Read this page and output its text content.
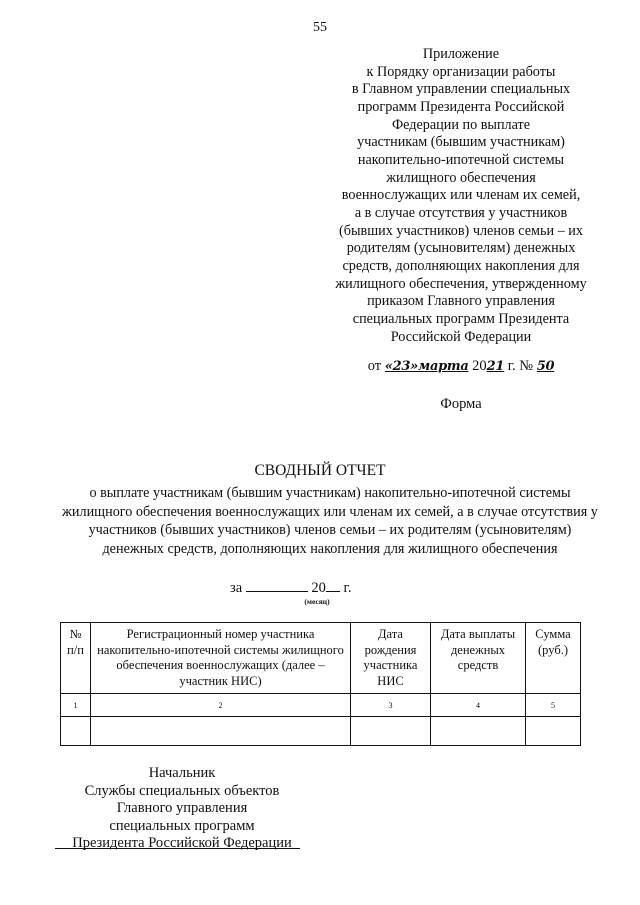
55
Приложение
к Порядку организации работы
в Главном управлении специальных
программ Президента Российской
Федерации по выплате
участникам (бывшим участникам)
накопительно-ипотечной системы
жилищного обеспечения
военнослужащих или членам их семей,
а в случае отсутствия у участников
(бывших участников) членов семьи – их
родителям (усыновителям) денежных
средств, дополняющих накопления для
жилищного обеспечения, утвержденному
приказом Главного управления
специальных программ Президента
Российской Федерации
от «23»марта 2021 г. № 50
Форма
СВОДНЫЙ ОТЧЕТ
о выплате участникам (бывшим участникам) накопительно-ипотечной системы жилищного обеспечения военнослужащих или членам их семей, а в случае отсутствия у участников (бывших участников) членов семьи – их родителям (усыновителям) денежных средств, дополняющих накопления для жилищного обеспечения
за	20 г.
(месяц)
№ п/п	Регистрационный номер участника накопительно-ипотечной системы жилищного обеспечения военнослужащих (далее – участник НИС)	Дата рождения участника НИС	Дата выплаты денежных средств	Сумма (руб.)
1	2	3	4	5

Начальник
Службы специальных объектов
Главного управления
специальных программ
Президента Российской Федерации
